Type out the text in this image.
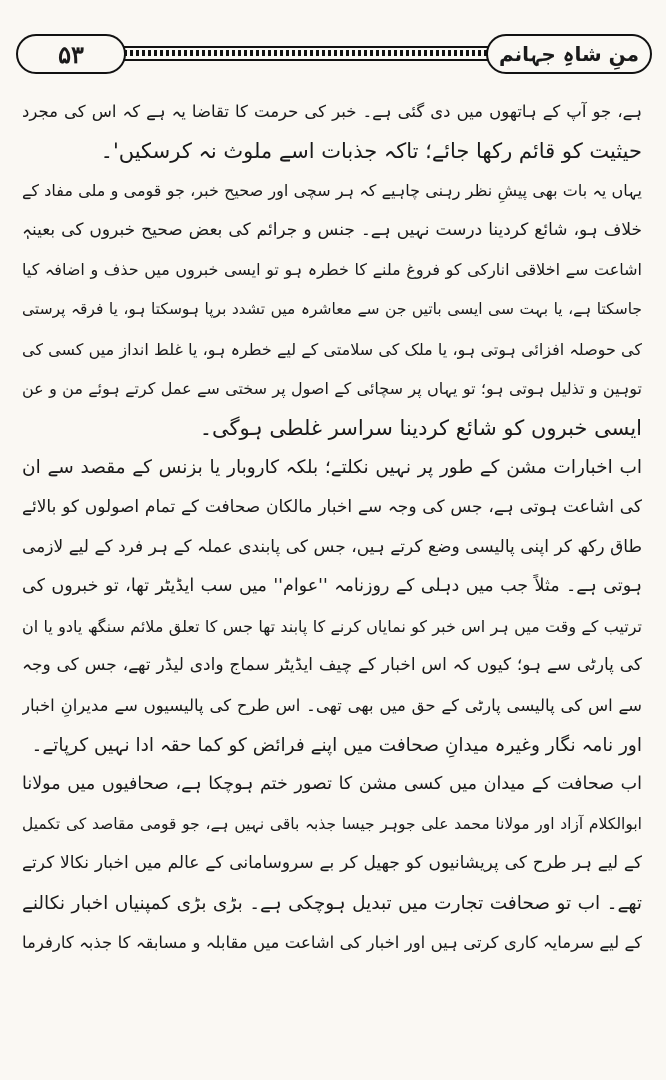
۵۳	منِ شاہِ جہانم
ہے، جو آپ کے ہاتھوں میں دی گئی ہے۔ خبر کی حرمت کا تقاضا یہ ہے کہ اس کی مجرد
حیثیت کو قائم رکھا جائے؛ تاکہ جذبات اسے ملوث نہ کرسکیں'۔
یہاں یہ بات بھی پیشِ نظر رہنی چاہیے کہ ہر سچی اور صحیح خبر، جو قومی و ملی مفاد کے
خلاف ہو، شائع کردینا درست نہیں ہے۔ جنس و جرائم کی بعض صحیح خبروں کی بعینہٖ
اشاعت سے اخلاقی انارکی کو فروغ ملنے کا خطرہ ہو تو ایسی خبروں میں حذف و اضافہ کیا
جاسکتا ہے، یا بہت سی ایسی باتیں جن سے معاشرہ میں تشدد برپا ہوسکتا ہو، یا فرقہ پرستی
کی حوصلہ افزائی ہوتی ہو، یا ملک کی سلامتی کے لیے خطرہ ہو، یا غلط انداز میں کسی کی
توہین و تذلیل ہوتی ہو؛ تو یہاں پر سچائی کے اصول پر سختی سے عمل کرتے ہوئے من و عن
ایسی خبروں کو شائع کردینا سراسر غلطی ہوگی۔
اب اخبارات مشن کے طور پر نہیں نکلتے؛ بلکہ کاروبار یا بزنس کے مقصد سے ان
کی اشاعت ہوتی ہے، جس کی وجہ سے اخبار مالکان صحافت کے تمام اصولوں کو بالائے
طاق رکھ کر اپنی پالیسی وضع کرتے ہیں، جس کی پابندی عملہ کے ہر فرد کے لیے لازمی
ہوتی ہے۔ مثلاً جب میں دہلی کے روزنامہ ''عوام'' میں سب ایڈیٹر تھا، تو خبروں کی
ترتیب کے وقت میں ہر اس خبر کو نمایاں کرنے کا پابند تھا جس کا تعلق ملائم سنگھ یادو یا ان
کی پارٹی سے ہو؛ کیوں کہ اس اخبار کے چیف ایڈیٹر سماج وادی لیڈر تھے، جس کی وجہ
سے اس کی پالیسی پارٹی کے حق میں بھی تھی۔ اس طرح کی پالیسیوں سے مدیرانِ اخبار
اور نامہ نگار وغیرہ میدانِ صحافت میں اپنے فرائض کو کما حقہ ادا نہیں کرپاتے۔
اب صحافت کے میدان میں کسی مشن کا تصور ختم ہوچکا ہے، صحافیوں میں مولانا
ابوالکلام آزاد اور مولانا محمد علی جوہر جیسا جذبہ باقی نہیں ہے، جو قومی مقاصد کی تکمیل
کے لیے ہر طرح کی پریشانیوں کو جھیل کر بے سروسامانی کے عالم میں اخبار نکالا کرتے
تھے۔ اب تو صحافت تجارت میں تبدیل ہوچکی ہے۔ بڑی بڑی کمپنیاں اخبار نکالنے
کے لیے سرمایہ کاری کرتی ہیں اور اخبار کی اشاعت میں مقابلہ و مسابقہ کا جذبہ کارفرما
